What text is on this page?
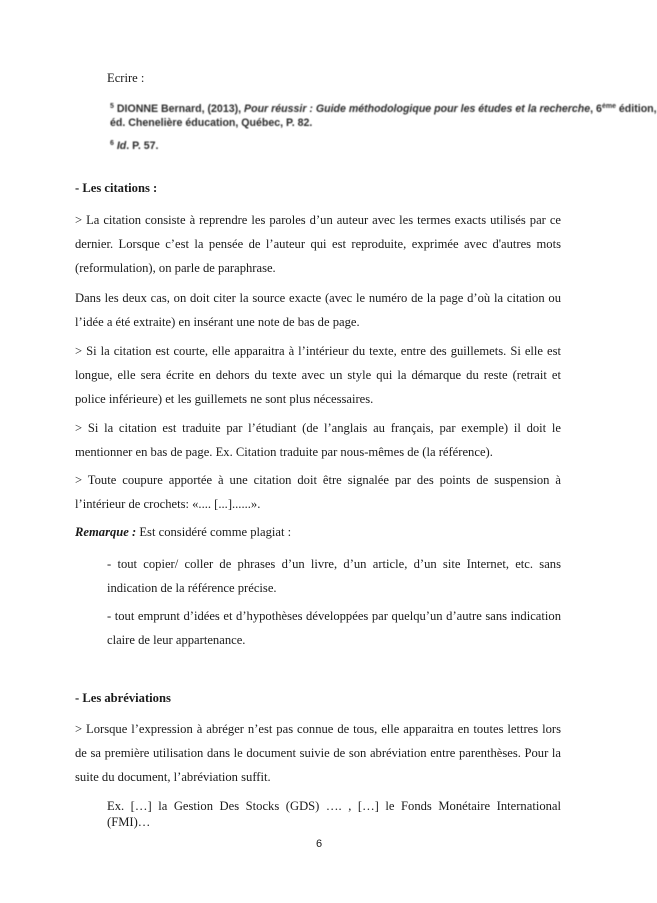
Ecrire :
$^5$ DIONNE Bernard, (2013), Pour réussir : Guide méthodologique pour les études et la recherche, 6ème édition,
éd. Chenelière éducation, Québec, P. 82.
$^6$ Id. P. 57.
- Les citations :
> La citation consiste à reprendre les paroles d’un auteur avec les termes exacts utilisés par ce
dernier. Lorsque c’est la pensée de l’auteur qui est reproduite, exprimée avec d'autres mots
(reformulation), on parle de paraphrase.
Dans les deux cas, on doit citer la source exacte (avec le numéro de la page d’où la citation ou
l’idée a été extraite) en insérant une note de bas de page.
> Si la citation est courte, elle apparaitra à l’intérieur du texte, entre des guillemets. Si elle est
longue, elle sera écrite en dehors du texte avec un style qui la démarque du reste (retrait et
police inférieure) et les guillemets ne sont plus nécessaires.
> Si la citation est traduite par l’étudiant (de l’anglais au français, par exemple) il doit le
mentionner en bas de page. Ex. Citation traduite par nous-mêmes de (la référence).
> Toute coupure apportée à une citation doit être signalée par des points de suspension à
l’intérieur de crochets: «.... [...]......».
Remarque : Est considéré comme plagiat :
- tout copier/ coller de phrases d’un livre, d’un article, d’un site Internet, etc. sans
indication de la référence précise.
- tout emprunt d’idées et d’hypothèses développées par quelqu’un d’autre sans indication
claire de leur appartenance.
- Les abréviations
> Lorsque l’expression à abréger n’est pas connue de tous, elle apparaitra en toutes lettres lors
de sa première utilisation dans le document suivie de son abréviation entre parenthèses. Pour la
suite du document, l’abréviation suffit.
Ex. […] la Gestion Des Stocks (GDS) …. , […] le Fonds Monétaire International (FMI)…
6
